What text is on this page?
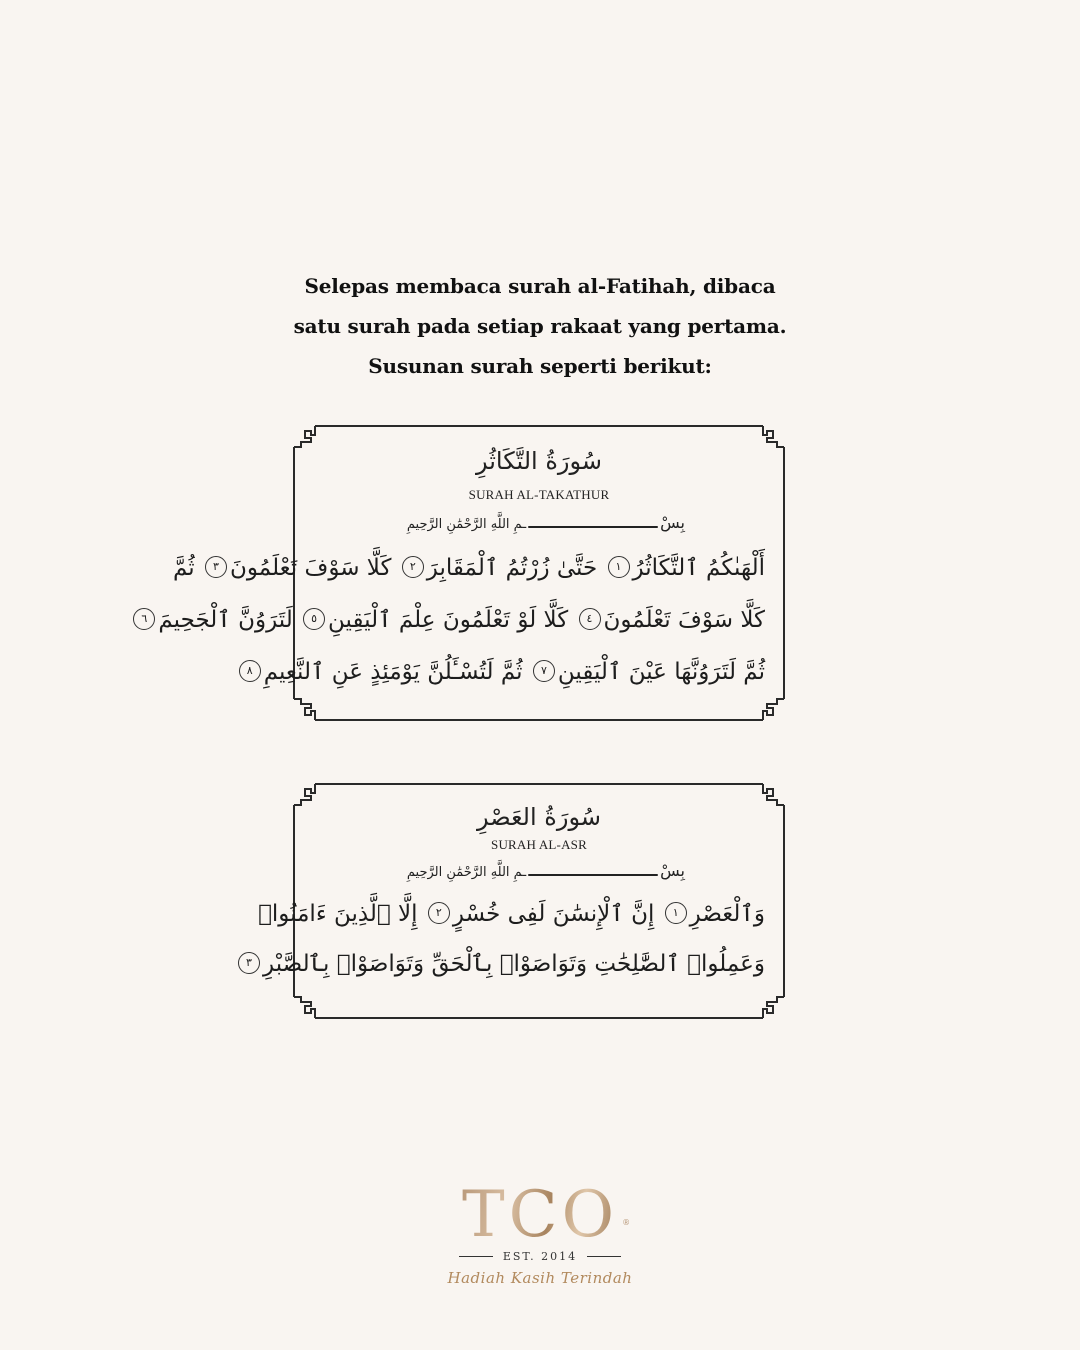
Selepas membaca surah al-Fatihah, dibaca
satu surah pada setiap rakaat yang pertama.
Susunan surah seperti berikut:
سُورَةُ التَّكَاثُرِ
SURAH AL-TAKATHUR
بِسْ
ـمِ اللَّهِ الرَّحْمَٰنِ الرَّحِيمِ
أَلْهَىٰكُمُ ٱلتَّكَاثُرُ١ حَتَّىٰ زُرْتُمُ ٱلْمَقَابِرَ٢ كَلَّا سَوْفَ تَعْلَمُونَ٣ ثُمَّ
كَلَّا سَوْفَ تَعْلَمُونَ٤ كَلَّا لَوْ تَعْلَمُونَ عِلْمَ ٱلْيَقِينِ٥ لَتَرَوُنَّ ٱلْجَحِيمَ٦
ثُمَّ لَتَرَوُنَّهَا عَيْنَ ٱلْيَقِينِ٧ ثُمَّ لَتُسْـَٔلُنَّ يَوْمَئِذٍ عَنِ ٱلنَّعِيمِ٨
سُورَةُ العَصْرِ
SURAH AL-ASR
بِسْ
ـمِ اللَّهِ الرَّحْمَٰنِ الرَّحِيمِ
وَٱلْعَصْرِ١ إِنَّ ٱلْإِنسَٰنَ لَفِى خُسْرٍ٢ إِلَّا ٱلَّذِينَ ءَامَنُوا۟
وَعَمِلُوا۟ ٱلصَّٰلِحَٰتِ وَتَوَاصَوْا۟ بِٱلْحَقِّ وَتَوَاصَوْا۟ بِٱلصَّبْرِ٣
TCO ®
EST. 2014
Hadiah Kasih Terindah
